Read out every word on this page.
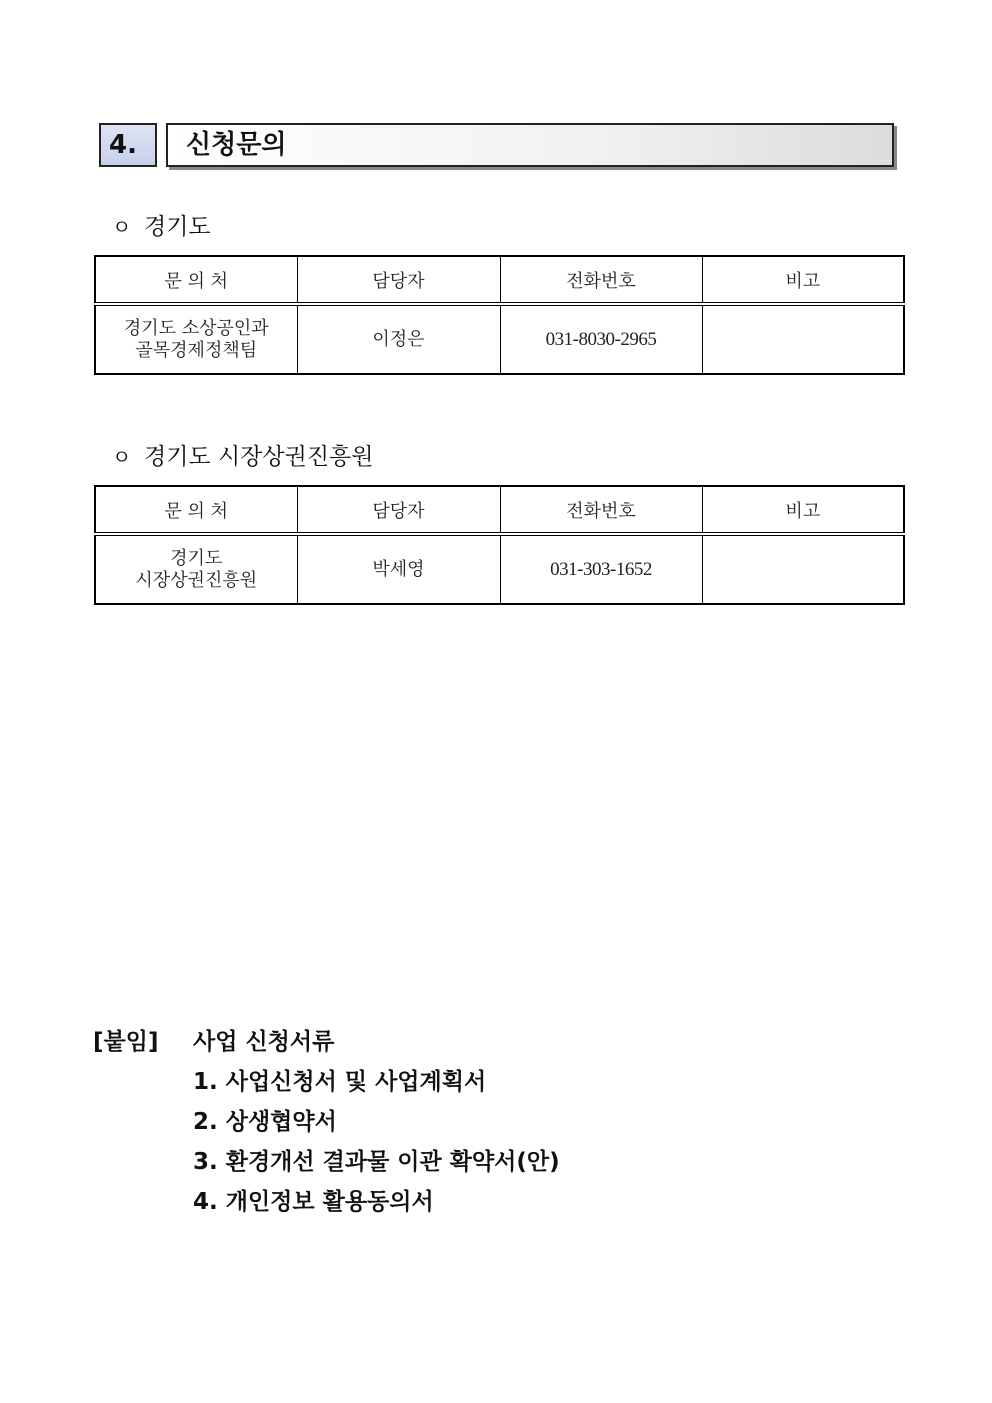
4.	신청문의
ㅇ 경기도
문 의 처	담당자	전화번호	비고
경기도 소상공인과
골목경제정책팀	이정은	031-8030-2965	
ㅇ 경기도 시장상권진흥원
문 의 처	담당자	전화번호	비고
경기도
시장상권진흥원	박세영	031-303-1652	
[붙임] 사업 신청서류
1. 사업신청서 및 사업계획서
2. 상생협약서
3. 환경개선 결과물 이관 확약서(안)
4. 개인정보 활용동의서
